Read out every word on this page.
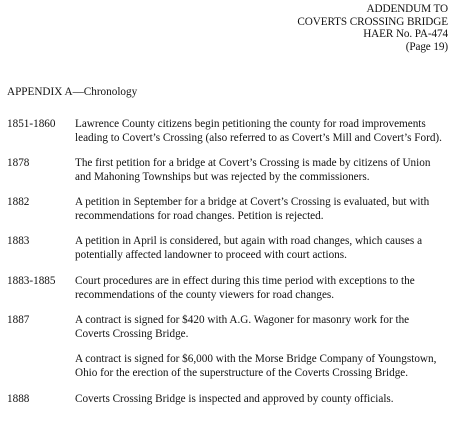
ADDENDUM TO
COVERTS CROSSING BRIDGE
HAER No. PA-474
(Page 19)
APPENDIX A—Chronology
1851-1860 Lawrence County citizens begin petitioning the county for road improvements
leading to Covert’s Crossing (also referred to as Covert’s Mill and Covert’s Ford).
1878	The first petition for a bridge at Covert’s Crossing is made by citizens of Union
and Mahoning Townships but was rejected by the commissioners.
1882	A petition in September for a bridge at Covert’s Crossing is evaluated, but with
recommendations for road changes. Petition is rejected.
1883	A petition in April is considered, but again with road changes, which causes a
potentially affected landowner to proceed with court actions.
1883-1885 Court procedures are in effect during this time period with exceptions to the
recommendations of the county viewers for road changes.
1887	A contract is signed for $420 with A.G. Wagoner for masonry work for the
Coverts Crossing Bridge.
A contract is signed for $6,000 with the Morse Bridge Company of Youngstown,
Ohio for the erection of the superstructure of the Coverts Crossing Bridge.
1888	Coverts Crossing Bridge is inspected and approved by county officials.
